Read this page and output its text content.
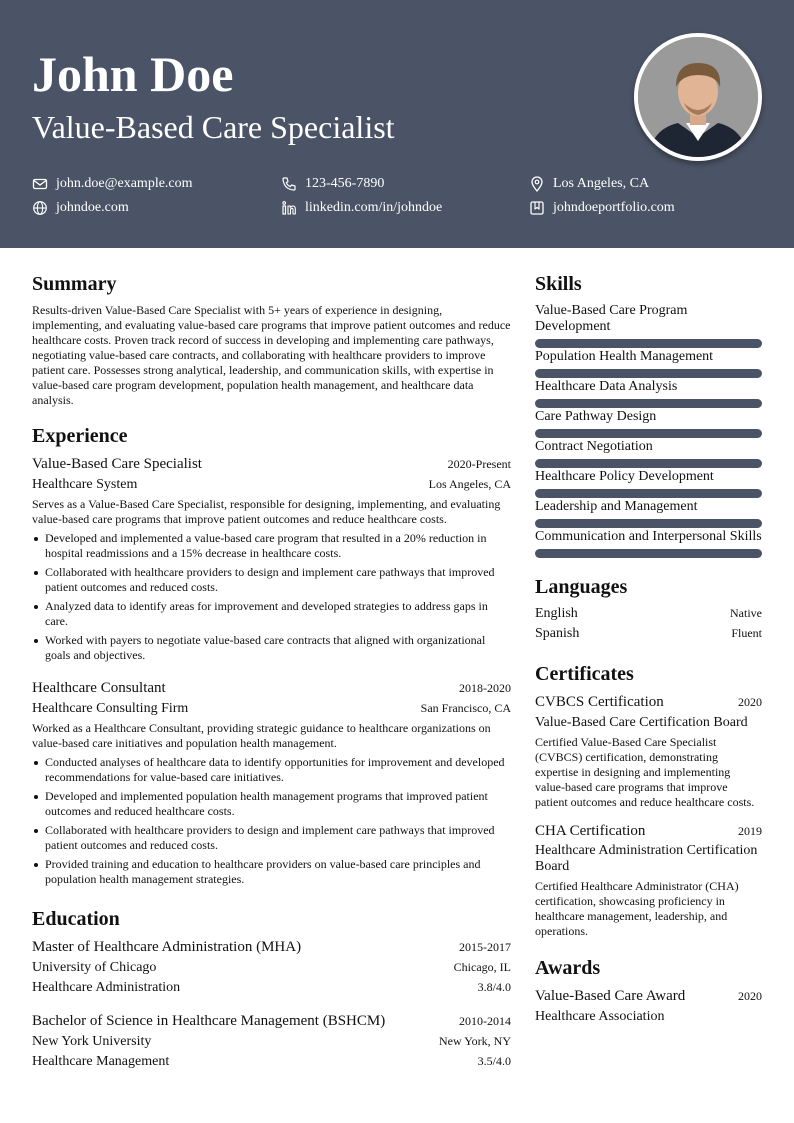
John Doe
Value-Based Care Specialist
john.doe@example.com	123-456-7890	Los Angeles, CA
johndoe.com	linkedin.com/in/johndoe	johndoeportfolio.com
Summary
Results-driven Value-Based Care Specialist with 5+ years of experience in designing, implementing, and evaluating value-based care programs that improve patient outcomes and reduce healthcare costs. Proven track record of success in developing and implementing care pathways, negotiating value-based care contracts, and collaborating with healthcare providers to improve patient care. Possesses strong analytical, leadership, and communication skills, with expertise in value-based care program development, population health management, and healthcare data analysis.
Experience
Value-Based Care Specialist	2020-Present
Healthcare System	Los Angeles, CA
Serves as a Value-Based Care Specialist, responsible for designing, implementing, and evaluating value-based care programs that improve patient outcomes and reduce healthcare costs.
Developed and implemented a value-based care program that resulted in a 20% reduction in hospital readmissions and a 15% decrease in healthcare costs.
Collaborated with healthcare providers to design and implement care pathways that improved patient outcomes and reduced costs.
Analyzed data to identify areas for improvement and developed strategies to address gaps in care.
Worked with payers to negotiate value-based care contracts that aligned with organizational goals and objectives.
Healthcare Consultant	2018-2020
Healthcare Consulting Firm	San Francisco, CA
Worked as a Healthcare Consultant, providing strategic guidance to healthcare organizations on value-based care initiatives and population health management.
Conducted analyses of healthcare data to identify opportunities for improvement and developed recommendations for value-based care initiatives.
Developed and implemented population health management programs that improved patient outcomes and reduced healthcare costs.
Collaborated with healthcare providers to design and implement care pathways that improved patient outcomes and reduced costs.
Provided training and education to healthcare providers on value-based care principles and population health management strategies.
Education
Master of Healthcare Administration (MHA)	2015-2017
University of Chicago	Chicago, IL
Healthcare Administration	3.8/4.0
Bachelor of Science in Healthcare Management (BSHCM)	2010-2014
New York University	New York, NY
Healthcare Management	3.5/4.0
Skills
Value-Based Care Program Development
Population Health Management
Healthcare Data Analysis
Care Pathway Design
Contract Negotiation
Healthcare Policy Development
Leadership and Management
Communication and Interpersonal Skills
Languages
English	Native
Spanish	Fluent
Certificates
CVBCS Certification	2020
Value-Based Care Certification Board
Certified Value-Based Care Specialist (CVBCS) certification, demonstrating expertise in designing and implementing value-based care programs that improve patient outcomes and reduce healthcare costs.
CHA Certification	2019
Healthcare Administration Certification Board
Certified Healthcare Administrator (CHA) certification, showcasing proficiency in healthcare management, leadership, and operations.
Awards
Value-Based Care Award	2020
Healthcare Association
